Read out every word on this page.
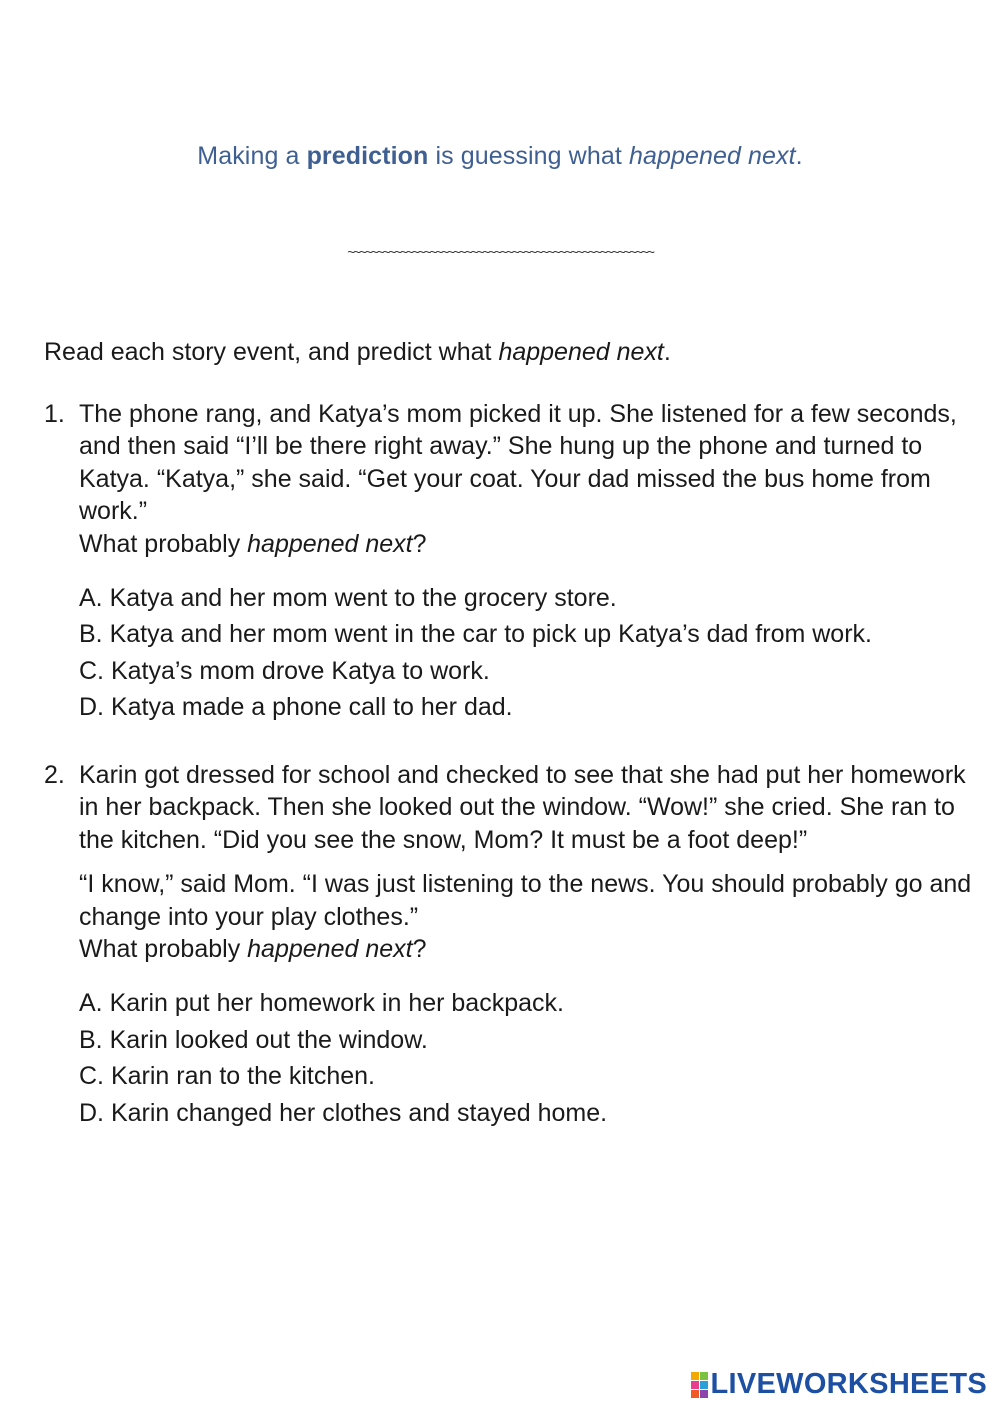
Making a prediction is guessing what happened next.
~~~~~~~~~~~~~~~~~~~~~~~~~~~~~~~~~~~~~~~~~~~~~~~~~~~~
Read each story event, and predict what happened next.
1. The phone rang, and Katya’s mom picked it up. She listened for a few seconds, and then said “I’ll be there right away.” She hung up the phone and turned to Katya. “Katya,” she said. “Get your coat. Your dad missed the bus home from work.”

What probably happened next?

A. Katya and her mom went to the grocery store.
B. Katya and her mom went in the car to pick up Katya’s dad from work.
C. Katya’s mom drove Katya to work.
D. Katya made a phone call to her dad.
2. Karin got dressed for school and checked to see that she had put her homework in her backpack. Then she looked out the window. “Wow!” she cried. She ran to the kitchen. “Did you see the snow, Mom? It must be a foot deep!”

“I know,” said Mom. “I was just listening to the news. You should probably go and change into your play clothes.”

What probably happened next?

A. Karin put her homework in her backpack.
B. Karin looked out the window.
C. Karin ran to the kitchen.
D. Karin changed her clothes and stayed home.
LIVEWORKSHEETS
